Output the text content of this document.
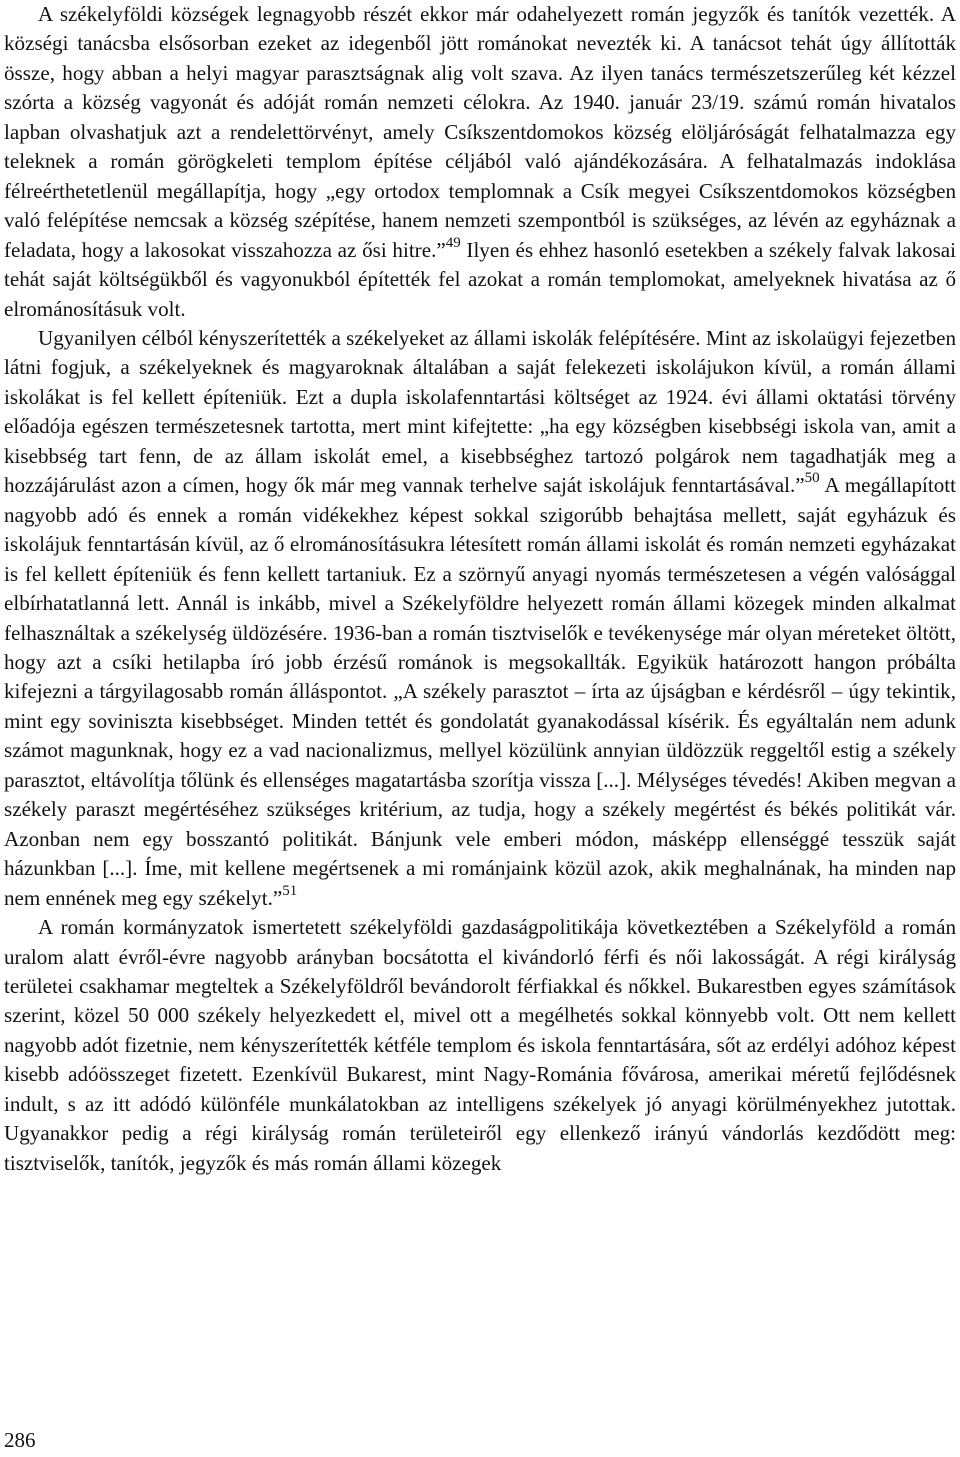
A székelyföldi községek legnagyobb részét ekkor már odahelyezett román jegyzők és tanítók vezették. A községi tanácsba elsősorban ezeket az idegenből jött románokat nevezték ki. A tanácsot tehát úgy állították össze, hogy abban a helyi magyar parasztságnak alig volt szava. Az ilyen tanács természetszerűleg két kézzel szórta a község vagyonát és adóját román nemzeti célokra. Az 1940. január 23/19. számú román hivatalos lapban olvashatjuk azt a rendelettörvényt, amely Csíkszentdomokos község elöljáróságát felhatalmazza egy teleknek a román görögkeleti templom építése céljából való ajándékozására. A felhatalmazás indoklása félreérthetetlenül megállapítja, hogy „egy ortodox templomnak a Csík megyei Csíkszentdomokos községben való felépítése nemcsak a község szépítése, hanem nemzeti szempontból is szükséges, az lévén az egyháznak a feladata, hogy a lakosokat visszahozza az ősi hitre.”$^{49}$ Ilyen és ehhez hasonló esetekben a székely falvak lakosai tehát saját költségükből és vagyonukból építették fel azokat a román templomokat, amelyeknek hivatása az ő elrománosításuk volt.

Ugyanilyen célból kényszerítették a székelyeket az állami iskolák felépítésére. Mint az iskolaügyi fejezetben látni fogjuk, a székelyeknek és magyaroknak általában a saját felekezeti iskolájukon kívül, a román állami iskolákat is fel kellett építeniük. Ezt a dupla iskolafenntartási költséget az 1924. évi állami oktatási törvény előadója egészen természetesnek tartotta, mert mint kifejtette: „ha egy községben kisebbségi iskola van, amit a kisebbség tart fenn, de az állam iskolát emel, a kisebbséghez tartozó polgárok nem tagadhatják meg a hozzájárulást azon a címen, hogy ők már meg vannak terhelve saját iskolájuk fenntartásával.”$^{50}$ A megállapított nagyobb adó és ennek a román vidékekhez képest sokkal szigorúbb behajtása mellett, saját egyházuk és iskolájuk fenntartásán kívül, az ő elrománosításukra létesített román állami iskolát és román nemzeti egyházakat is fel kellett építeniük és fenn kellett tartaniuk. Ez a szörnyű anyagi nyomás természetesen a végén valósággal elbírhatatlanná lett. Annál is inkább, mivel a Székelyföldre helyezett román állami közegek minden alkalmat felhasználtak a székelység üldözésére. 1936-ban a román tisztviselők e tevékenysége már olyan méreteket öltött, hogy azt a csíki hetilapba író jobb érzésű románok is megsokallták. Egyikük határozott hangon próbálta kifejezni a tárgyilagosabb román álláspontot. „A székely parasztot – írta az újságban e kérdésről – úgy tekintik, mint egy soviniszta kisebbséget. Minden tettét és gondolatát gyanakodással kísérik. És egyáltalán nem adunk számot magunknak, hogy ez a vad nacionalizmus, mellyel közülünk annyian üldözzük reggeltől estig a székely parasztot, eltávolítja tőlünk és ellenséges magatartásba szorítja vissza [...]. Mélységes tévedés! Akiben megvan a székely paraszt megértéséhez szükséges kritérium, az tudja, hogy a székely megértést és békés politikát vár. Azonban nem egy bosszantó politikát. Bánjunk vele emberi módon, másképp ellenséggé tesszük saját házunkban [...]. Íme, mit kellene megértsenek a mi románjaink közül azok, akik meghalnának, ha minden nap nem ennének meg egy székelyt.”$^{51}$

A román kormányzatok ismertetett székelyföldi gazdaságpolitikája következtében a Székelyföld a román uralom alatt évről-évre nagyobb arányban bocsátotta el kivándorló férfi és női lakosságát. A régi királyság területei csakhamar megteltek a Székelyföldről bevándorolt férfiakkal és nőkkel. Bukarestben egyes számítások szerint, közel 50 000 székely helyezkedett el, mivel ott a megélhetés sokkal könnyebb volt. Ott nem kellett nagyobb adót fizetnie, nem kényszerítették kétféle templom és iskola fenntartására, sőt az erdélyi adóhoz képest kisebb adóösszeget fizetett. Ezenkívül Bukarest, mint Nagy-Románia fővárosa, amerikai méretű fejlődésnek indult, s az itt adódó különféle munkálatokban az intelligens székelyek jó anyagi körülményekhez jutottak. Ugyanakkor pedig a régi királyság román területeiről egy ellenkező irányú vándorlás kezdődött meg: tisztviselők, tanítók, jegyzők és más román állami közegek

286
